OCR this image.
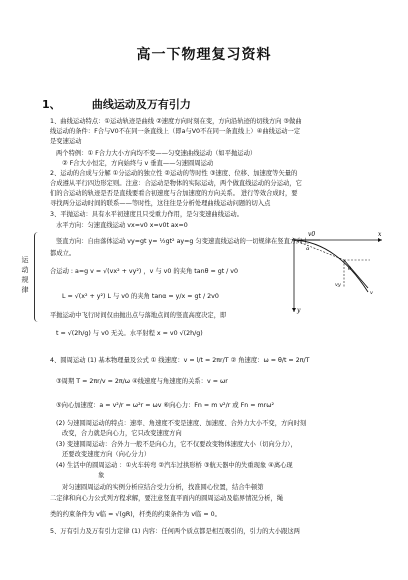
高一下物理复习资料
1、	曲线运动及万有引力
1、曲线运动特点：①运动轨迹是曲线 ②速度方向时刻在变，方向沿轨迹的切线方向 ③做曲
线运动的条件：F合与V0不在同一条直线上（即a与V0不在同一条直线上）④曲线运动一定
是变速运动
两个特例：① F合力大小方向均不变——匀变速曲线运动（如平抛运动）
② F合大小恒定，方向始终与 v 垂直——匀速圆周运动
2、运动的合成与分解 ①分运动的独立性 ②运动的等时性 ③速度、位移、加速度等矢量的
合成遵从平行四边形定则。注意：合运动是物体的实际运动，两个做直线运动的分运动，它
们的合运动的轨迹是否是直线要看合初速度与合加速度的方向关系。 进行等效合成时，要
寻找两分运动时间的联系——等时性，这往往是分析处理曲线运动问题的切入点
3、平抛运动：具有水平初速度且只受重力作用，是匀变速曲线运动。
水平方向：匀速直线运动 vx=v0 x=v0t ax=0
竖直方向：自由落体运动 vy=gt y= ½gt² ay=g 匀变速直线运动的一切规律在竖直方向上
都成立。
合运动 : a=g v = √(vx² + vy²) ，v 与 v0 的夹角 tanθ = gt / v0
L = √(x² + y²) L 与 v0 的夹角 tanα = y/x = gt / 2v0
平抛运动中飞行时间仅由抛出点与落地点间的竖直高度决定，即
t = √(2h/g) 与 v0 无关。水平射程 x = v0 √(2h/g)
4、圆周运动 (1) 基本物理量及公式 ① 线速度：v = l/t = 2πr/T ② 角速度：ω = θ/t = 2π/T
③周期 T = 2πr/v = 2π/ω ④线速度与角速度的关系：v = ωr
⑤向心加速度：a = v²/r = ω²r = ωv ⑥向心力：Fn = m v²/r 或 Fn = mrω²
(2) 匀速圆周运动的特点：速率、角速度不变是速度、加速度、合外力大小不变，方向时刻
改变，合力就是向心力，它只改变速度方向
(3) 变速圆周运动：合外力一般不是向心力，它不仅要改变物体速度大小（切向分力），
还要改变速度方向（向心分力）
(4) 生活中的圆周运动 ：①火车转弯 ②汽车过拱形桥 ③航天器中的失重现象 ④离心现
象
对匀速圆周运动的实例分析应结合受力分析，找准圆心位置，结合牛顿第
二定律和向心力公式列方程求解，要注意竖直平面内的圆周运动及临界情况分析，绳
类的约束条件为 v临 = √(gR)，杆类的约束条件为 v临 = 0。
5、万有引力及万有引力定律 (1) 内容：任何两个质点都是相互吸引的，引力的大小跟这两
运
动
规
律
v0	x
y
vy
v
θ
α
